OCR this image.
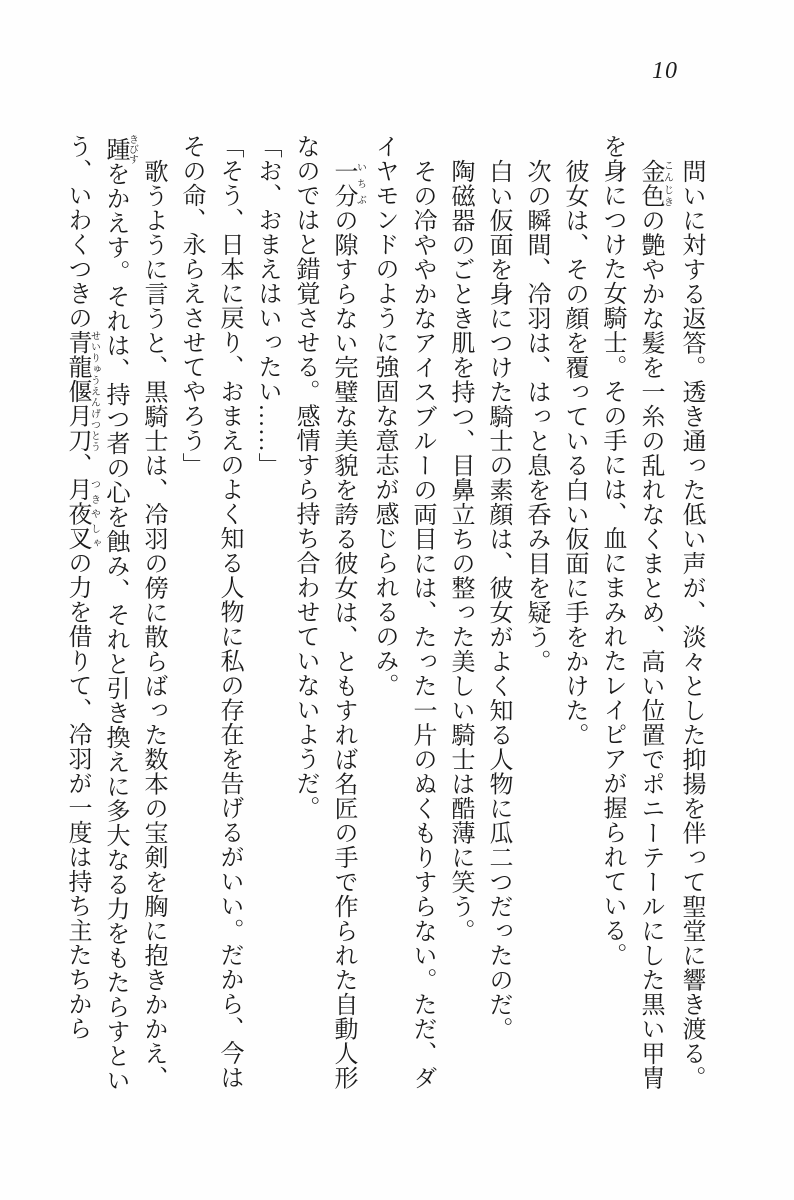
10

問いに対する返答。透き通った低い声が、淡々とした抑揚を伴って聖堂に響き渡る。

金色こんじきの艶やかな髪を一糸の乱れなくまとめ、高い位置でポニーテールにした黒い甲冑を身につけた女騎士。その手には、血にまみれたレイピアが握られている。

彼女は、その顔を覆っている白い仮面に手をかけた。

次の瞬間、冷羽は、はっと息を呑み目を疑う。

白い仮面を身につけた騎士の素顔は、彼女がよく知る人物に瓜二つだったのだ。

陶磁器のごとき肌を持つ、目鼻立ちの整った美しい騎士は酷薄に笑う。

その冷ややかなアイスブルーの両目には、たった一片のぬくもりすらない。ただ、ダイヤモンドのように強固な意志が感じられるのみ。

一分いちぶの隙すらない完璧な美貌を誇る彼女は、ともすれば名匠の手で作られた自動人形なのではと錯覚させる。感情すら持ち合わせていないようだ。

「お、おまえはいったい……」

「そう、日本に戻り、おまえのよく知る人物に私の存在を告げるがいい。だから、今はその命、永らえさせてやろう」

歌うように言うと、黒騎士は、冷羽の傍に散らばった数本の宝剣を胸に抱きかかえ、踵きびすをかえす。それは、持つ者の心を蝕み、それと引き換えに多大なる力をもたらすという、いわくつきの青龍偃月刀せいりゅうえんげつとう、月夜叉つきやしゃの力を借りて、冷羽が一度は持ち主たちから
